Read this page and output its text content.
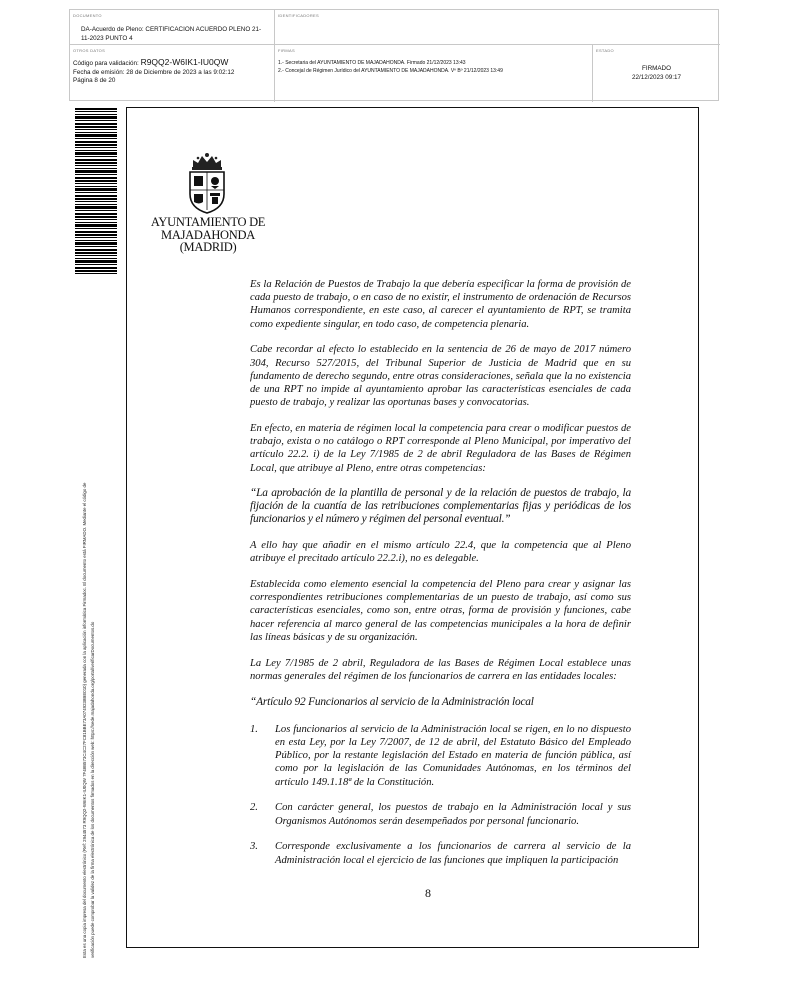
DOCUMENTO
DA-Acuerdo de Pleno: CERTIFICACION ACUERDO PLENO 21-11-2023 PUNTO 4
IDENTIFICADORES
OTROS DATOS
Código para validación: R9QQ2-W6IK1-IU0QW
Fecha de emisión: 28 de Diciembre de 2023 a las 9:02:12
Página 8 de 20
FIRMAS
1.- Secretaria del AYUNTAMIENTO DE MAJADAHONDA. Firmado 21/12/2023 13:43
2.- Concejal de Régimen Jurídico del AYUNTAMIENTO DE MAJADAHONDA. Vº Bº 21/12/2023 13:49
ESTADO
FIRMADO
22/12/2023 09:17
Esta es una copia impresa del documento electrónico (Ref: 2944573 R9QQ2-W6IK1-IU0QW 7F48B573C4C27FC81BBE73A0749238BE010) generada con la aplicación informática Firmadoc. El documento está FIRMADO. Mediante el código de verificación puede comprobar la validez de la firma electrónica de los documentos firmados en la dirección web: https://sede.majadahonda.org/portal/verificarDocumentos.do
AYUNTAMIENTO DE
MAJADAHONDA
(MADRID)

Es la Relación de Puestos de Trabajo la que debería especificar la forma de provisión de cada puesto de trabajo, o en caso de no existir, el instrumento de ordenación de Recursos Humanos correspondiente, en este caso, al carecer el ayuntamiento de RPT, se tramita como expediente singular, en todo caso, de competencia plenaria.

Cabe recordar al efecto lo establecido en la sentencia de 26 de mayo de 2017 número 304, Recurso 527/2015, del Tribunal Superior de Justicia de Madrid que en su fundamento de derecho segundo, entre otras consideraciones, señala que la no existencia de una RPT no impide al ayuntamiento aprobar las características esenciales de cada puesto de trabajo, y realizar las oportunas bases y convocatorias.

En efecto, en materia de régimen local la competencia para crear o modificar puestos de trabajo, exista o no catálogo o RPT corresponde al Pleno Municipal, por imperativo del artículo 22.2. i) de la Ley 7/1985 de 2 de abril Reguladora de las Bases de Régimen Local, que atribuye al Pleno, entre otras competencias:

“La aprobación de la plantilla de personal y de la relación de puestos de trabajo, la fijación de la cuantía de las retribuciones complementarias fijas y periódicas de los funcionarios y el número y régimen del personal eventual.”

A ello hay que añadir en el mismo artículo 22.4, que la competencia que al Pleno atribuye el precitado artículo 22.2.i), no es delegable.

Establecida como elemento esencial la competencia del Pleno para crear y asignar las correspondientes retribuciones complementarias de un puesto de trabajo, así como sus características esenciales, como son, entre otras, forma de provisión y funciones, cabe hacer referencia al marco general de las competencias municipales a la hora de definir las líneas básicas y de su organización.

La Ley 7/1985 de 2 abril, Reguladora de las Bases de Régimen Local establece unas normas generales del régimen de los funcionarios de carrera en las entidades locales:

“Artículo 92 Funcionarios al servicio de la Administración local

1. Los funcionarios al servicio de la Administración local se rigen, en lo no dispuesto en esta Ley, por la Ley 7/2007, de 12 de abril, del Estatuto Básico del Empleado Público, por la restante legislación del Estado en materia de función pública, así como por la legislación de las Comunidades Autónomas, en los términos del artículo 149.1.18ª de la Constitución.
2. Con carácter general, los puestos de trabajo en la Administración local y sus Organismos Autónomos serán desempeñados por personal funcionario.
3. Corresponde exclusivamente a los funcionarios de carrera al servicio de la Administración local el ejercicio de las funciones que impliquen la participación
8
